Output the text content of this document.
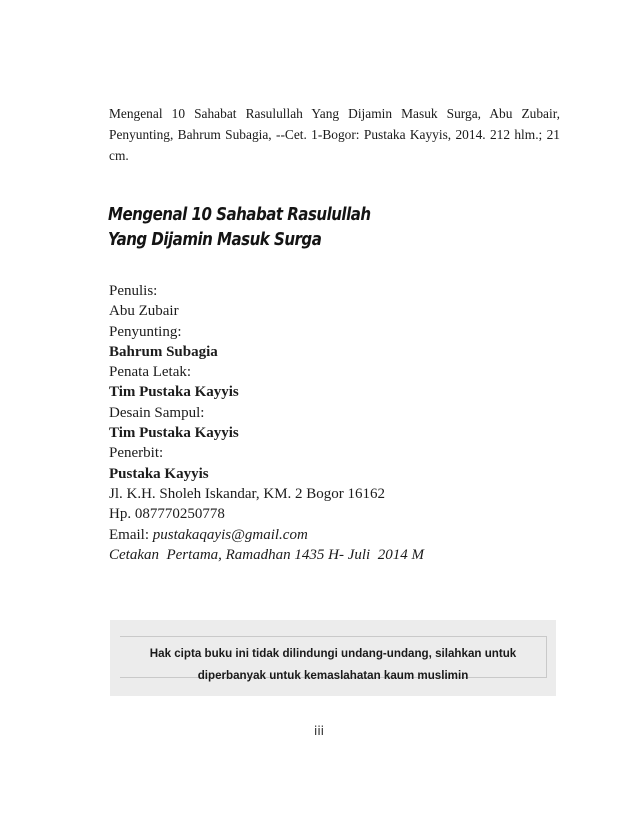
Mengenal 10 Sahabat Rasulullah Yang Dijamin Masuk Surga, Abu Zubair, Penyunting, Bahrum Subagia, --Cet. 1-Bogor: Pustaka Kayyis, 2014. 212 hlm.; 21 cm.
Mengenal 10 Sahabat Rasulullah
Yang Dijamin Masuk Surga
Penulis:
Abu Zubair
Penyunting:
Bahrum Subagia
Penata Letak:
Tim Pustaka Kayyis
Desain Sampul:
Tim Pustaka Kayyis
Penerbit:
Pustaka Kayyis
Jl. K.H. Sholeh Iskandar, KM. 2 Bogor 16162
Hp. 087770250778
Email: pustakaqayis@gmail.com
Cetakan  Pertama, Ramadhan 1435 H- Juli  2014 M
Hak cipta buku ini tidak dilindungi undang-undang, silahkan untuk
diperbanyak untuk kemaslahatan kaum muslimin
iii
